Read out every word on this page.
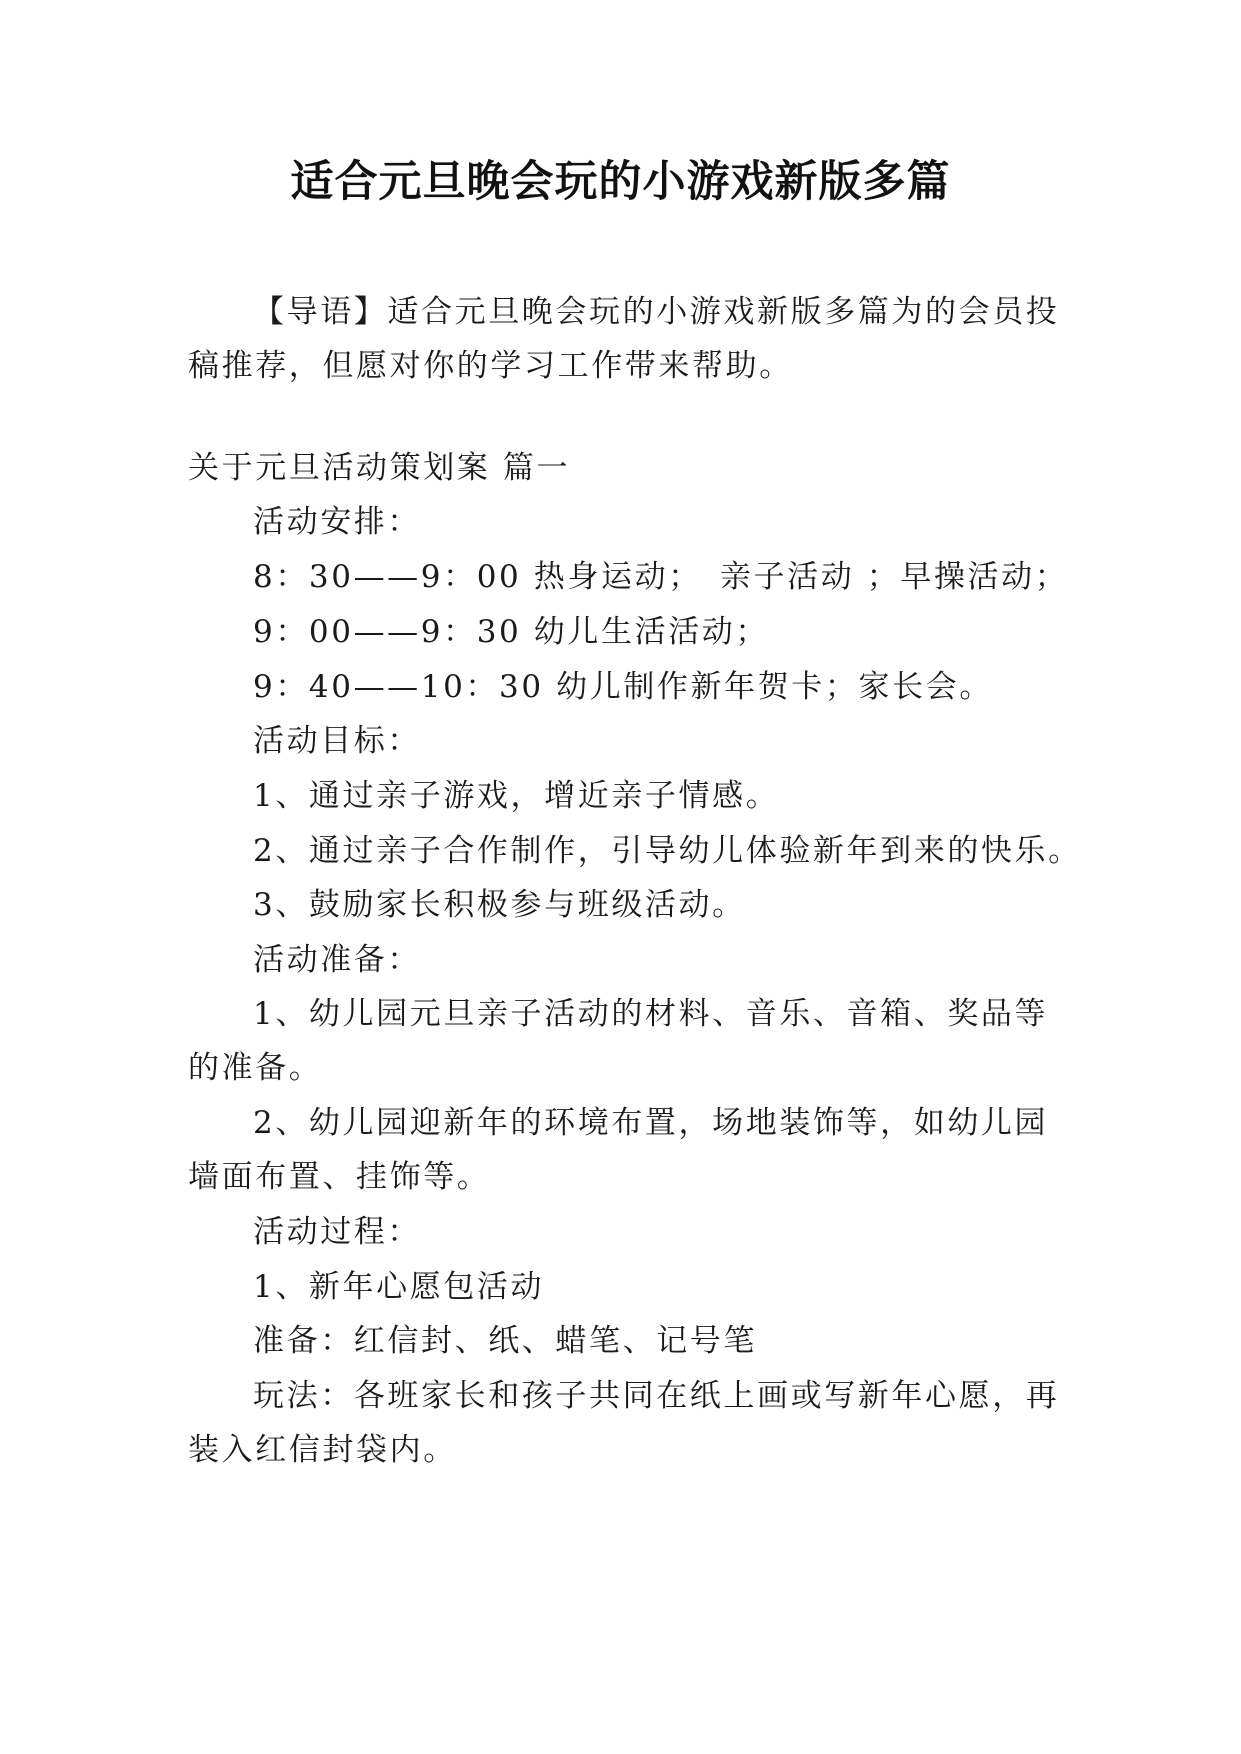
适合元旦晚会玩的小游戏新版多篇
【导语】适合元旦晚会玩的小游戏新版多篇为的会员投
稿推荐，但愿对你的学习工作带来帮助。
关于元旦活动策划案 篇一
活动安排：
8：30——9：00 热身运动；　亲子活动 ；早操活动；
9：00——9：30 幼儿生活活动；
9：40——10：30 幼儿制作新年贺卡；家长会。
活动目标：
1、通过亲子游戏，增近亲子情感。
2、通过亲子合作制作，引导幼儿体验新年到来的快乐。
3、鼓励家长积极参与班级活动。
活动准备：
1、幼儿园元旦亲子活动的材料、音乐、音箱、奖品等
的准备。
2、幼儿园迎新年的环境布置，场地装饰等，如幼儿园
墙面布置、挂饰等。
活动过程：
1、新年心愿包活动
准备：红信封、纸、蜡笔、记号笔
玩法：各班家长和孩子共同在纸上画或写新年心愿，再
装入红信封袋内。
